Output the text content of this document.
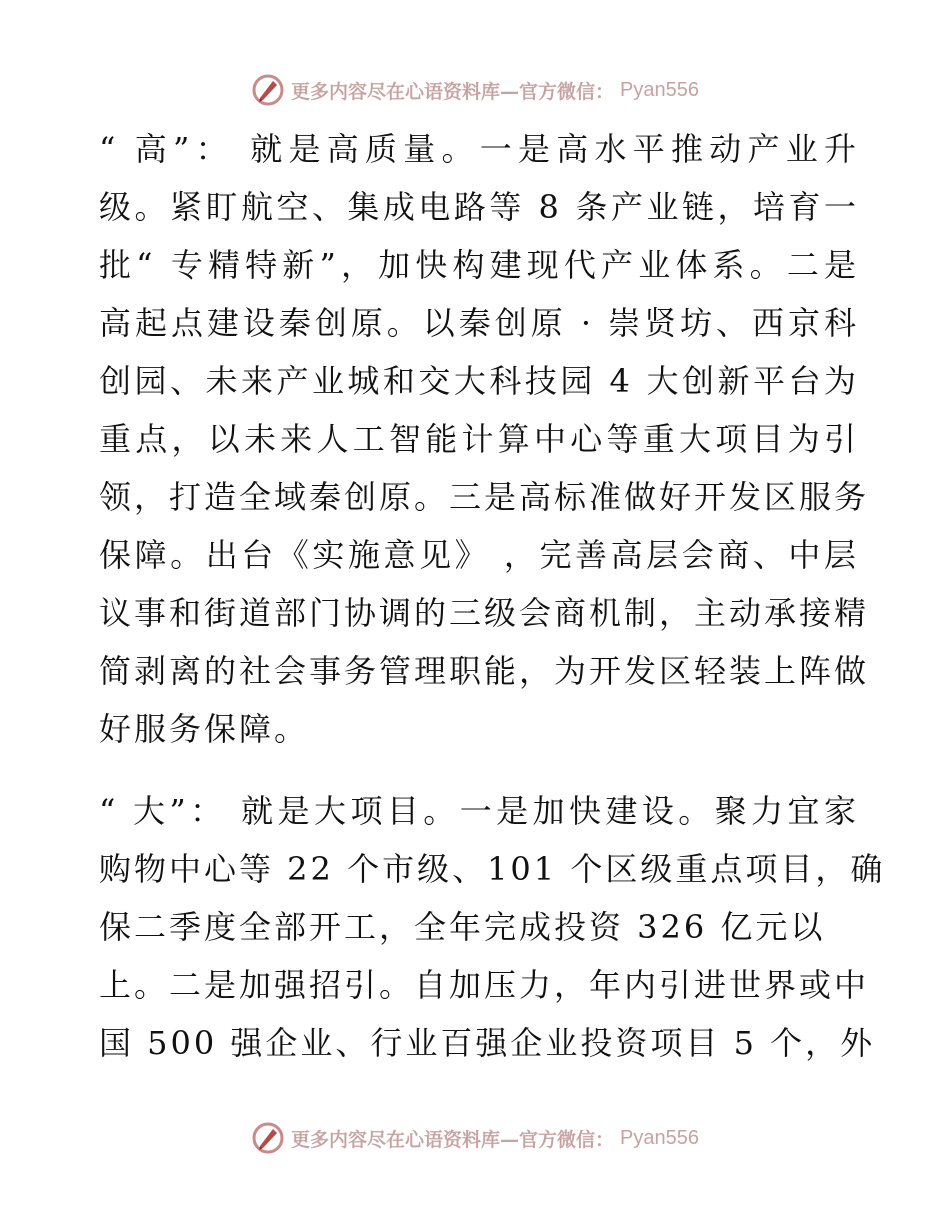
更多内容尽在心语资料库—官方微信： Pyan556
“ 高”： 就是高质量。一是高水平推动产业升
级。紧盯航空、集成电路等 8 条产业链，培育一
批“ 专精特新”，加快构建现代产业体系。二是
高起点建设秦创原。以秦创原 · 崇贤坊、西京科
创园、未来产业城和交大科技园 4 大创新平台为
重点，以未来人工智能计算中心等重大项目为引
领，打造全域秦创原。三是高标准做好开发区服务
保障。出台《实施意见》 ，完善高层会商、中层
议事和街道部门协调的三级会商机制，主动承接精
简剥离的社会事务管理职能，为开发区轻装上阵做
好服务保障。
“ 大”： 就是大项目。一是加快建设。聚力宜家
购物中心等 22 个市级、101 个区级重点项目，确
保二季度全部开工，全年完成投资 326 亿元以
上。二是加强招引。自加压力，年内引进世界或中
国 500 强企业、行业百强企业投资项目 5 个，外
更多内容尽在心语资料库—官方微信： Pyan556
